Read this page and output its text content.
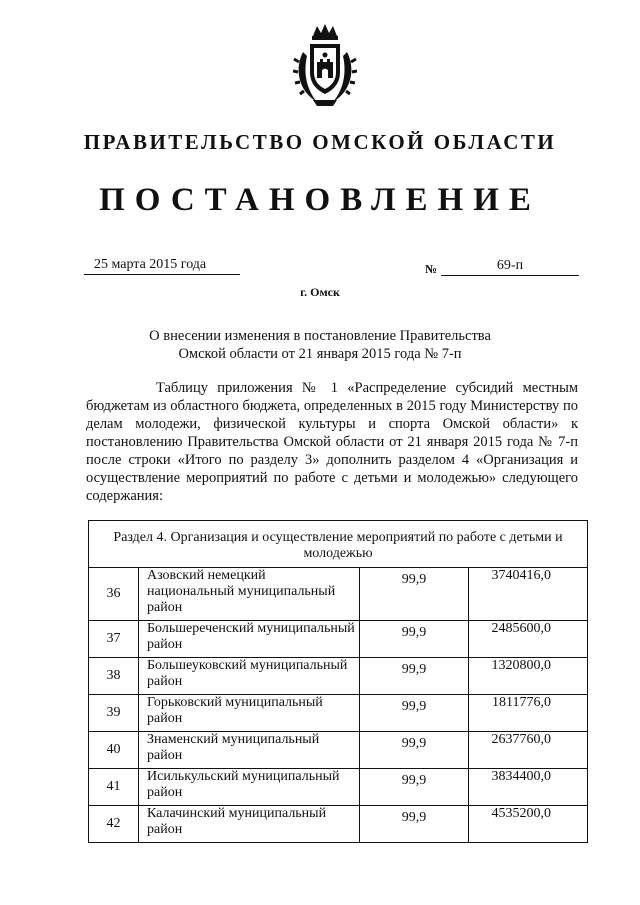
ПРАВИТЕЛЬСТВО ОМСКОЙ ОБЛАСТИ
ПОСТАНОВЛЕНИЕ
25 марта 2015 года	№	69-п
г. Омск
О внесении изменения в постановление Правительства
Омской области от 21 января 2015 года № 7-п
Таблицу приложения № 1 «Распределение субсидий местным бюджетам из областного бюджета, определенных в 2015 году Министерству по делам молодежи, физической культуры и спорта Омской области» к постановлению Правительства Омской области от 21 января 2015 года № 7-п после строки «Итого по разделу 3» дополнить разделом 4 «Организация и осуществление мероприятий по работе с детьми и молодежью» следующего содержания:
Раздел 4. Организация и осуществление мероприятий по работе с детьми и молодежью			
36	Азовский немецкий национальный муниципальный район	99,9	3740416,0
37	Большереченский муниципальный район	99,9	2485600,0
38	Большеуковский муниципальный район	99,9	1320800,0
39	Горьковский муниципальный район	99,9	1811776,0
40	Знаменский муниципальный район	99,9	2637760,0
41	Исилькульский муниципальный район	99,9	3834400,0
42	Калачинский муниципальный район	99,9	4535200,0
